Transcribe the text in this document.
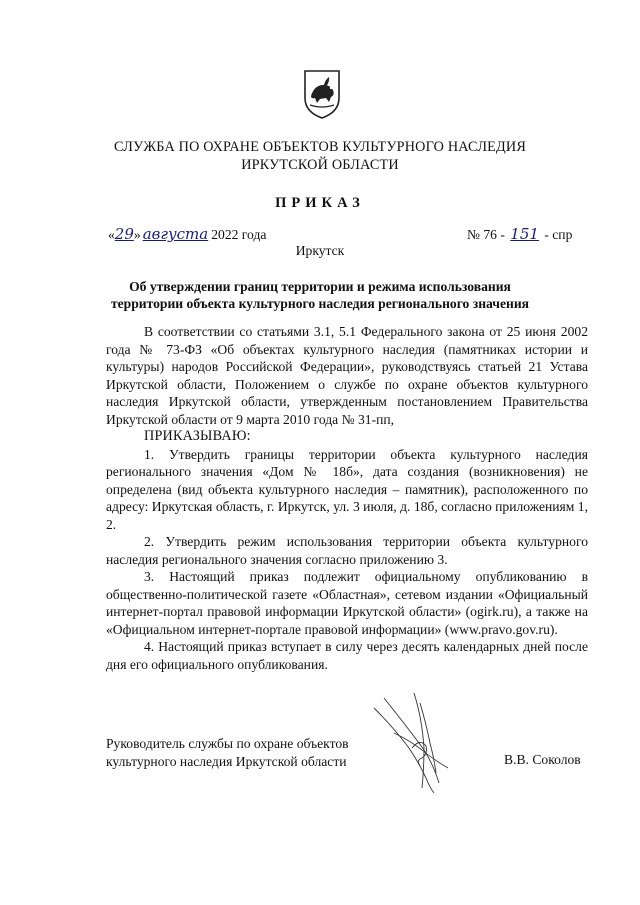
СЛУЖБА ПО ОХРАНЕ ОБЪЕКТОВ КУЛЬТУРНОГО НАСЛЕДИЯ
ИРКУТСКОЙ ОБЛАСТИ
ПРИКАЗ
«29» августа 2022 года	№ 76 - 151 - спр
Иркутск
Об утверждении границ территории и режима использования
территории объекта культурного наследия регионального значения

В соответствии со статьями 3.1, 5.1 Федерального закона от 25 июня 2002 года № 73-ФЗ «Об объектах культурного наследия (памятниках истории и культуры) народов Российской Федерации», руководствуясь статьей 21 Устава Иркутской области, Положением о службе по охране объектов культурного наследия Иркутской области, утвержденным постановлением Правительства Иркутской области от 9 марта 2010 года № 31-пп,

ПРИКАЗЫВАЮ:

1. Утвердить границы территории объекта культурного наследия регионального значения «Дом № 18б», дата создания (возникновения) не определена (вид объекта культурного наследия – памятник), расположенного по адресу: Иркутская область, г. Иркутск, ул. 3 июля, д. 18б, согласно приложениям 1, 2.

2. Утвердить режим использования территории объекта культурного наследия регионального значения согласно приложению 3.

3. Настоящий приказ подлежит официальному опубликованию в общественно-политической газете «Областная», сетевом издании «Официальный интернет-портал правовой информации Иркутской области» (ogirk.ru), а также на «Официальном интернет-портале правовой информации» (www.pravo.gov.ru).

4. Настоящий приказ вступает в силу через десять календарных дней после дня его официального опубликования.

Руководитель службы по охране объектов
культурного наследия Иркутской области	В.В. Соколов
